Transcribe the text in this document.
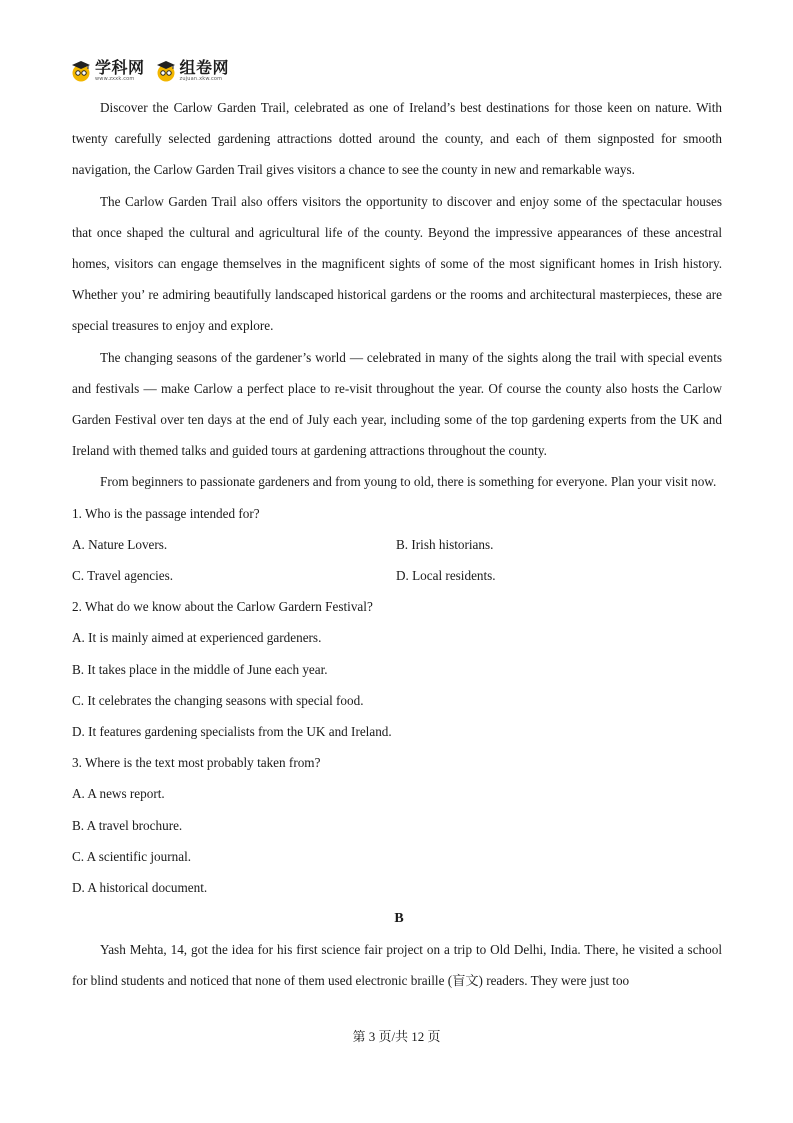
学科网
www.zxxk.com
组卷网
zujuan.xkw.com

Discover the Carlow Garden Trail, celebrated as one of Ireland’s best destinations for those keen on nature. With twenty carefully selected gardening attractions dotted around the county, and each of them signposted for smooth navigation, the Carlow Garden Trail gives visitors a chance to see the county in new and remarkable ways.

The Carlow Garden Trail also offers visitors the opportunity to discover and enjoy some of the spectacular houses that once shaped the cultural and agricultural life of the county. Beyond the impressive appearances of these ancestral homes, visitors can engage themselves in the magnificent sights of some of the most significant homes in Irish history. Whether you’ re admiring beautifully landscaped historical gardens or the rooms and architectural masterpieces, these are special treasures to enjoy and explore.

The changing seasons of the gardener’s world — celebrated in many of the sights along the trail with special events and festivals — make Carlow a perfect place to re-visit throughout the year. Of course the county also hosts the Carlow Garden Festival over ten days at the end of July each year, including some of the top gardening experts from the UK and Ireland with themed talks and guided tours at gardening attractions throughout the county.

From beginners to passionate gardeners and from young to old, there is something for everyone. Plan your visit now.

1. Who is the passage intended for?
A. Nature Lovers.	B. Irish historians.
C. Travel agencies.	D. Local residents.
2. What do we know about the Carlow Gardern Festival?
A. It is mainly aimed at experienced gardeners.
B. It takes place in the middle of June each year.
C. It celebrates the changing seasons with special food.
D. It features gardening specialists from the UK and Ireland.
3. Where is the text most probably taken from?
A. A news report.
B. A travel brochure.
C. A scientific journal.
D. A historical document.
B

Yash Mehta, 14, got the idea for his first science fair project on a trip to Old Delhi, India. There, he visited a school for blind students and noticed that none of them used electronic braille (盲文) readers. They were just too

第 3 页/共 12 页
